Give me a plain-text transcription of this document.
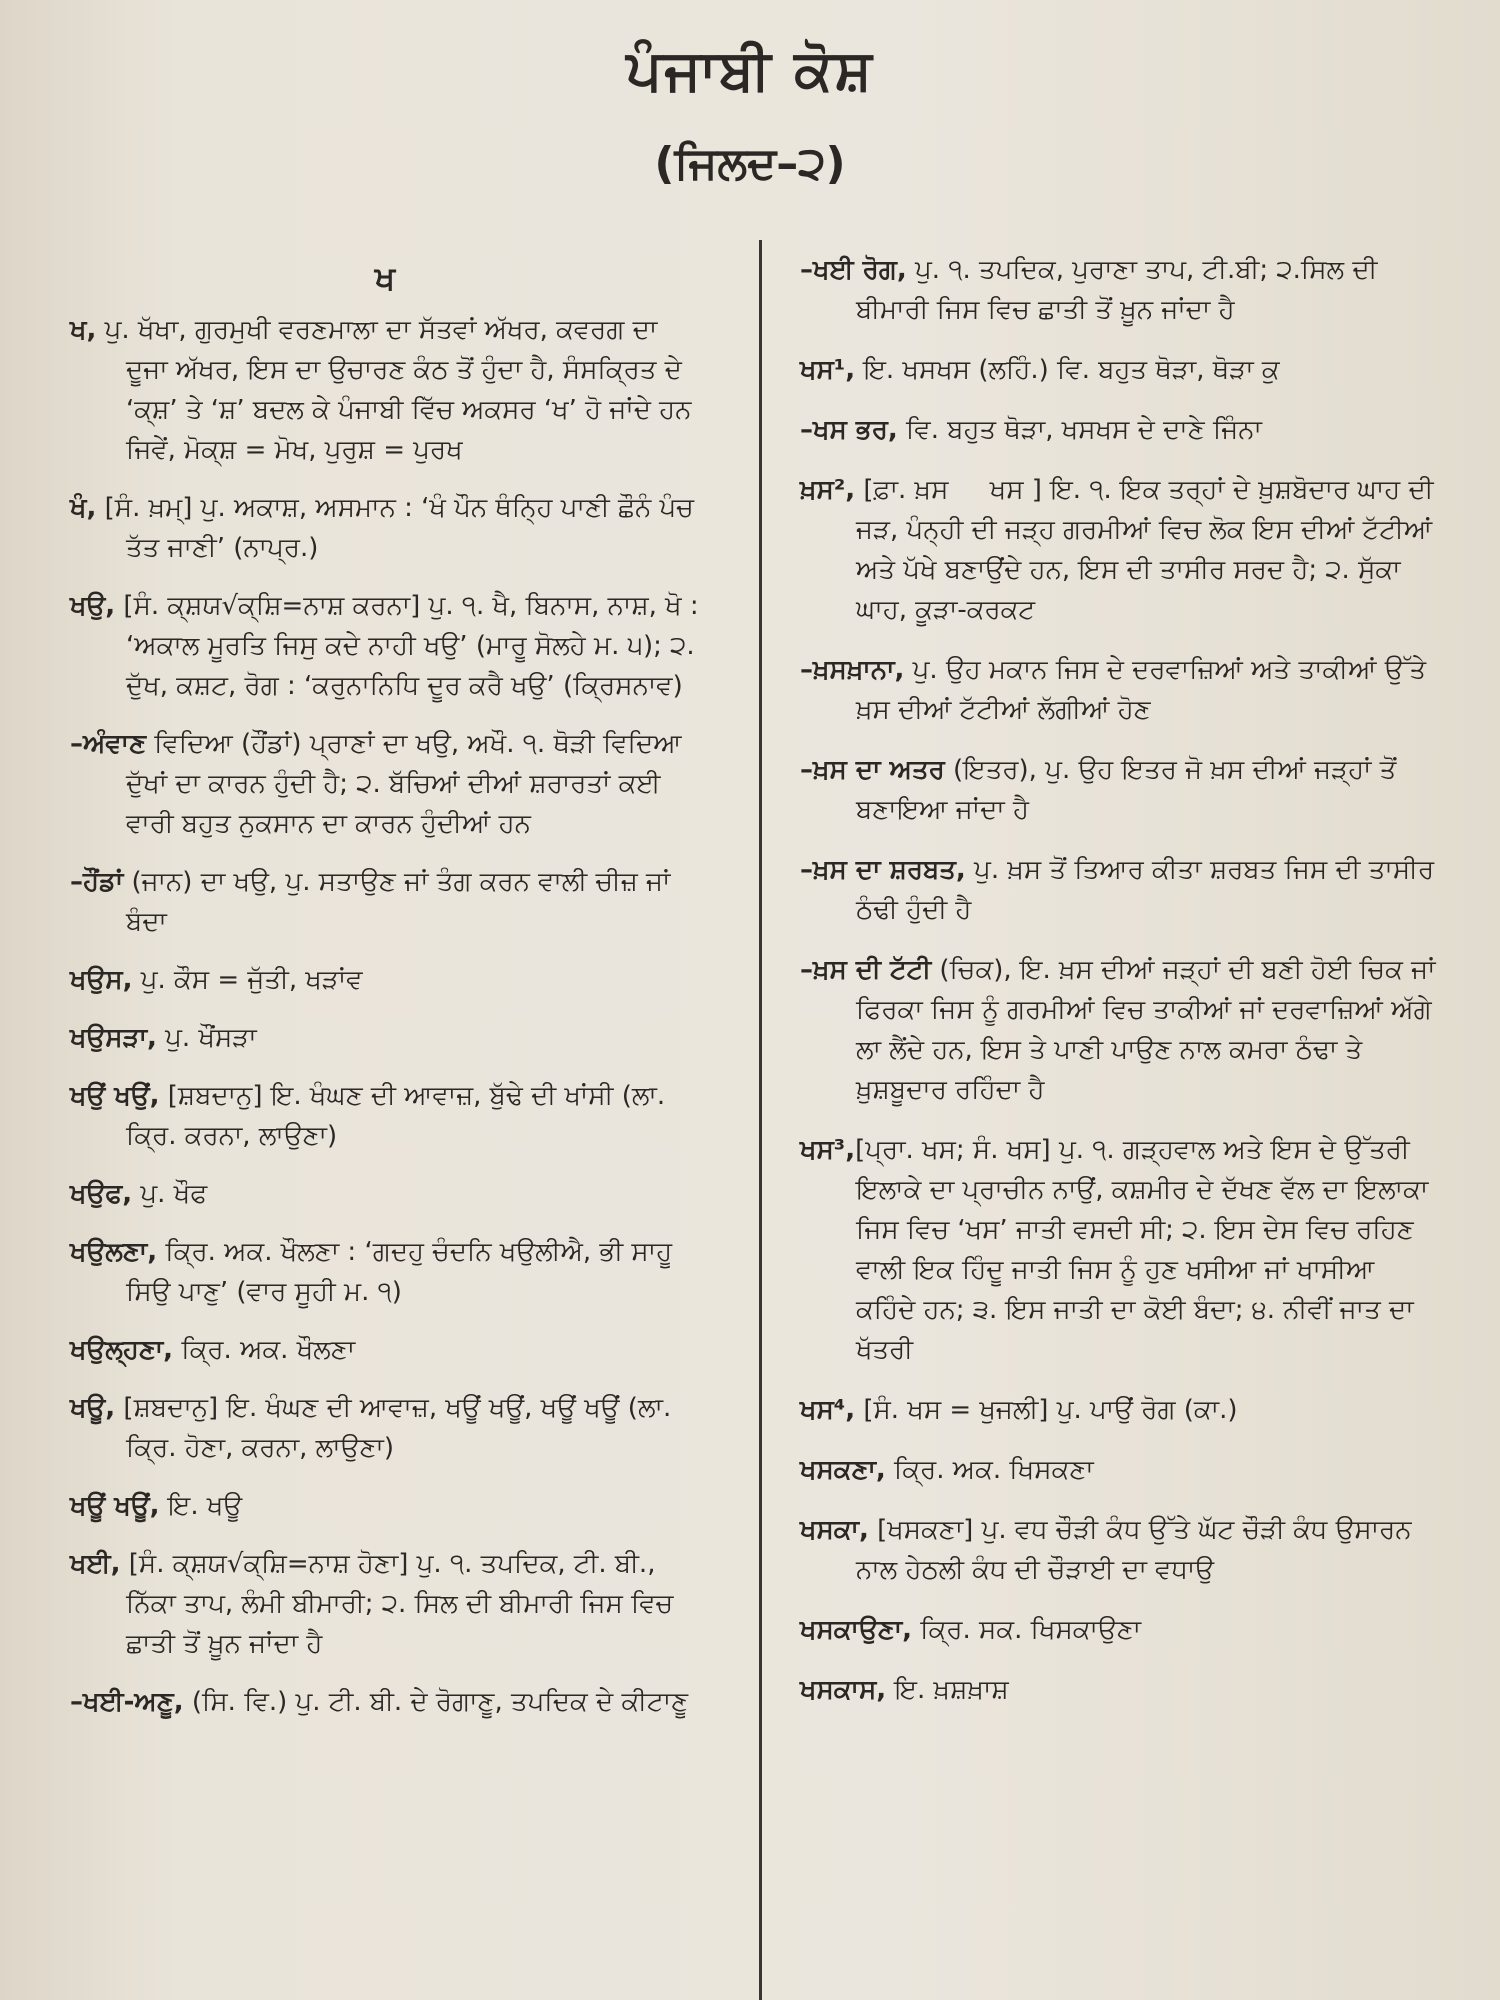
ਪੰਜਾਬੀ ਕੋਸ਼
(ਜਿਲਦ–੨)
ਖ

ਖ, ਪੁ. ਖੱਖਾ, ਗੁਰਮੁਖੀ ਵਰਣਮਾਲਾ ਦਾ ਸੱਤਵਾਂ ਅੱਖਰ, ਕਵਰਗ ਦਾ ਦੂਜਾ ਅੱਖਰ, ਇਸ ਦਾ ਉਚਾਰਣ ਕੰਠ ਤੋਂ ਹੁੰਦਾ ਹੈ, ਸੰਸਕ੍ਰਿਤ ਦੇ ‘ਕ੍ਸ਼’ ਤੇ ‘ਸ਼’ ਬਦਲ ਕੇ ਪੰਜਾਬੀ ਵਿੱਚ ਅਕਸਰ ‘ਖ’ ਹੋ ਜਾਂਦੇ ਹਨ ਜਿਵੇਂ, ਮੋਕ੍ਸ਼ = ਮੋਖ, ਪੁਰੁਸ਼ = ਪੁਰਖ

ਖੰ, [ਸੰ. ਖ਼ਮ੍] ਪੁ. ਅਕਾਸ਼, ਅਸਮਾਨ : ‘ਖੰ ਪੌਨ ਥੰਨਿ੍ਹ ਪਾਣੀ ਛੌਨੰ ਪੰਚ ਤੱਤ ਜਾਣੀ’ (ਨਾਪ੍ਰ.)

ਖਉ, [ਸੰ. ਕ੍ਸ਼ਯ√ਕ੍ਸ਼ਿ=ਨਾਸ਼ ਕਰਨਾ] ਪੁ. ੧. ਖੈ, ਬਿਨਾਸ, ਨਾਸ਼, ਖੋ : ‘ਅਕਾਲ ਮੂਰਤਿ ਜਿਸੁ ਕਦੇ ਨਾਹੀ ਖਉ’ (ਮਾਰੂ ਸੋਲਹੇ ਮ. ੫); ੨. ਦੁੱਖ, ਕਸ਼ਟ, ਰੋਗ : ‘ਕਰੁਨਾਨਿਧਿ ਦੂਰ ਕਰੈ ਖਉ’ (ਕ੍ਰਿਸਨਾਵ)

–ਅੰਵਾਣ ਵਿਦਿਆ (ਹੌਂਡਾਂ) ਪ੍ਰਾਣਾਂ ਦਾ ਖਉ, ਅਖੌ. ੧. ਥੋੜੀ ਵਿਦਿਆ ਦੁੱਖਾਂ ਦਾ ਕਾਰਨ ਹੁੰਦੀ ਹੈ; ੨. ਬੱਚਿਆਂ ਦੀਆਂ ਸ਼ਰਾਰਤਾਂ ਕਈ ਵਾਰੀ ਬਹੁਤ ਨੁਕਸਾਨ ਦਾ ਕਾਰਨ ਹੁੰਦੀਆਂ ਹਨ

–ਹੌਂਡਾਂ (ਜਾਨ) ਦਾ ਖਉ, ਪੁ. ਸਤਾਉਣ ਜਾਂ ਤੰਗ ਕਰਨ ਵਾਲੀ ਚੀਜ਼ ਜਾਂ ਬੰਦਾ

ਖਉਸ, ਪੁ. ਕੌਸ = ਜੁੱਤੀ, ਖੜਾਂਵ

ਖਉਸੜਾ, ਪੁ. ਖੌਂਸੜਾ

ਖਉਂ ਖਉਂ, [ਸ਼ਬਦਾਨੁ] ਇ. ਖੰਘਣ ਦੀ ਆਵਾਜ਼, ਬੁੱਢੇ ਦੀ ਖਾਂਸੀ (ਲਾ. ਕ੍ਰਿ. ਕਰਨਾ, ਲਾਉਣਾ)

ਖਉਫ, ਪੁ. ਖੌਫ

ਖਉਲਣਾ, ਕ੍ਰਿ. ਅਕ. ਖੌਲਣਾ : ‘ਗਦਹੁ ਚੰਦਨਿ ਖਉਲੀਐ, ਭੀ ਸਾਹੂ ਸਿਉ ਪਾਣੁ’ (ਵਾਰ ਸੂਹੀ ਮ. ੧)

ਖਉਲ੍ਹਣਾ, ਕ੍ਰਿ. ਅਕ. ਖੌਲਣਾ

ਖਊ, [ਸ਼ਬਦਾਨੁ] ਇ. ਖੰਘਣ ਦੀ ਆਵਾਜ਼, ਖਊਂ ਖਊਂ, ਖਊਂ ਖਊਂ (ਲਾ. ਕ੍ਰਿ. ਹੋਣਾ, ਕਰਨਾ, ਲਾਉਣਾ)

ਖਊਂ ਖਊਂ, ਇ. ਖਊ

ਖਈ, [ਸੰ. ਕ੍ਸ਼ਯ√ਕ੍ਸ਼ਿ=ਨਾਸ਼ ਹੋਣਾ] ਪੁ. ੧. ਤਪਦਿਕ, ਟੀ. ਬੀ., ਨਿੱਕਾ ਤਾਪ, ਲੰਮੀ ਬੀਮਾਰੀ; ੨. ਸਿਲ ਦੀ ਬੀਮਾਰੀ ਜਿਸ ਵਿਚ ਛਾਤੀ ਤੋਂ ਖ਼ੂਨ ਜਾਂਦਾ ਹੈ

–ਖਈ-ਅਣੂ, (ਸਿ. ਵਿ.) ਪੁ. ਟੀ. ਬੀ. ਦੇ ਰੋਗਾਣੂ, ਤਪਦਿਕ ਦੇ ਕੀਟਾਣੂ

–ਖਈ ਰੋਗ, ਪੁ. ੧. ਤਪਦਿਕ, ਪੁਰਾਣਾ ਤਾਪ, ਟੀ.ਬੀ; ੨.ਸਿਲ ਦੀ ਬੀਮਾਰੀ ਜਿਸ ਵਿਚ ਛਾਤੀ ਤੋਂ ਖ਼ੂਨ ਜਾਂਦਾ ਹੈ

ਖਸ¹, ਇ. ਖਸਖਸ (ਲਹਿੰ.) ਵਿ. ਬਹੁਤ ਥੋੜਾ, ਥੋੜਾ ਕੁ

–ਖਸ ਭਰ, ਵਿ. ਬਹੁਤ ਥੋੜਾ, ਖਸਖਸ ਦੇ ਦਾਣੇ ਜਿੰਨਾ

ਖ਼ਸ², [ਫ਼ਾ. ਖ਼ਸ ‌ ‌ ‌ ‌ ਖਸ ] ਇ. ੧. ਇਕ ਤਰ੍ਹਾਂ ਦੇ ਖ਼ੁਸ਼ਬੋਦਾਰ ਘਾਹ ਦੀ ਜੜ, ਪੰਨ੍ਹੀ ਦੀ ਜੜ੍ਹ ਗਰਮੀਆਂ ਵਿਚ ਲੋਕ ਇਸ ਦੀਆਂ ਟੱਟੀਆਂ ਅਤੇ ਪੱਖੇ ਬਣਾਉਂਦੇ ਹਨ, ਇਸ ਦੀ ਤਾਸੀਰ ਸਰਦ ਹੈ; ੨. ਸੁੱਕਾ ਘਾਹ, ਕੂੜਾ-ਕਰਕਟ

–ਖ਼ਸਖ਼ਾਨਾ, ਪੁ. ਉਹ ਮਕਾਨ ਜਿਸ ਦੇ ਦਰਵਾਜ਼ਿਆਂ ਅਤੇ ਤਾਕੀਆਂ ਉੱਤੇ ਖ਼ਸ ਦੀਆਂ ਟੱਟੀਆਂ ਲੱਗੀਆਂ ਹੋਣ

–ਖ਼ਸ ਦਾ ਅਤਰ (ਇਤਰ), ਪੁ. ਉਹ ਇਤਰ ਜੋ ਖ਼ਸ ਦੀਆਂ ਜੜ੍ਹਾਂ ਤੋਂ ਬਣਾਇਆ ਜਾਂਦਾ ਹੈ

–ਖ਼ਸ ਦਾ ਸ਼ਰਬਤ, ਪੁ. ਖ਼ਸ ਤੋਂ ਤਿਆਰ ਕੀਤਾ ਸ਼ਰਬਤ ਜਿਸ ਦੀ ਤਾਸੀਰ ਠੰਢੀ ਹੁੰਦੀ ਹੈ

–ਖ਼ਸ ਦੀ ਟੱਟੀ (ਚਿਕ), ਇ. ਖ਼ਸ ਦੀਆਂ ਜੜ੍ਹਾਂ ਦੀ ਬਣੀ ਹੋਈ ਚਿਕ ਜਾਂ ਫਿਰਕਾ ਜਿਸ ਨੂੰ ਗਰਮੀਆਂ ਵਿਚ ਤਾਕੀਆਂ ਜਾਂ ਦਰਵਾਜ਼ਿਆਂ ਅੱਗੇ ਲਾ ਲੈਂਦੇ ਹਨ, ਇਸ ਤੇ ਪਾਣੀ ਪਾਉਣ ਨਾਲ ਕਮਰਾ ਠੰਢਾ ਤੇ ਖ਼ੁਸ਼ਬੂਦਾਰ ਰਹਿੰਦਾ ਹੈ

ਖਸ³,[ਪ੍ਰਾ. ਖਸ; ਸੰ. ਖਸ] ਪੁ. ੧. ਗੜ੍ਹਵਾਲ ਅਤੇ ਇਸ ਦੇ ਉੱਤਰੀ ਇਲਾਕੇ ਦਾ ਪ੍ਰਾਚੀਨ ਨਾਉਂ, ਕਸ਼ਮੀਰ ਦੇ ਦੱਖਣ ਵੱਲ ਦਾ ਇਲਾਕਾ ਜਿਸ ਵਿਚ ‘ਖਸ’ ਜਾਤੀ ਵਸਦੀ ਸੀ; ੨. ਇਸ ਦੇਸ ਵਿਚ ਰਹਿਣ ਵਾਲੀ ਇਕ ਹਿੰਦੂ ਜਾਤੀ ਜਿਸ ਨੂੰ ਹੁਣ ਖਸੀਆ ਜਾਂ ਖਾਸੀਆ ਕਹਿੰਦੇ ਹਨ; ੩. ਇਸ ਜਾਤੀ ਦਾ ਕੋਈ ਬੰਦਾ; ੪. ਨੀਵੀਂ ਜਾਤ ਦਾ ਖੱਤਰੀ

ਖਸ⁴, [ਸੰ. ਖਸ = ਖੁਜਲੀ] ਪੁ. ਪਾਉਂ ਰੋਗ (ਕਾ.)

ਖਸਕਣਾ, ਕ੍ਰਿ. ਅਕ. ਖਿਸਕਣਾ

ਖਸਕਾ, [ਖਸਕਣਾ] ਪੁ. ਵਧ ਚੌੜੀ ਕੰਧ ਉੱਤੇ ਘੱਟ ਚੌੜੀ ਕੰਧ ਉਸਾਰਨ ਨਾਲ ਹੇਠਲੀ ਕੰਧ ਦੀ ਚੌੜਾਈ ਦਾ ਵਧਾਉ

ਖਸਕਾਉਣਾ, ਕ੍ਰਿ. ਸਕ. ਖਿਸਕਾਉਣਾ

ਖਸਕਾਸ, ਇ. ਖ਼ਸ਼ਖ਼ਾਸ਼
